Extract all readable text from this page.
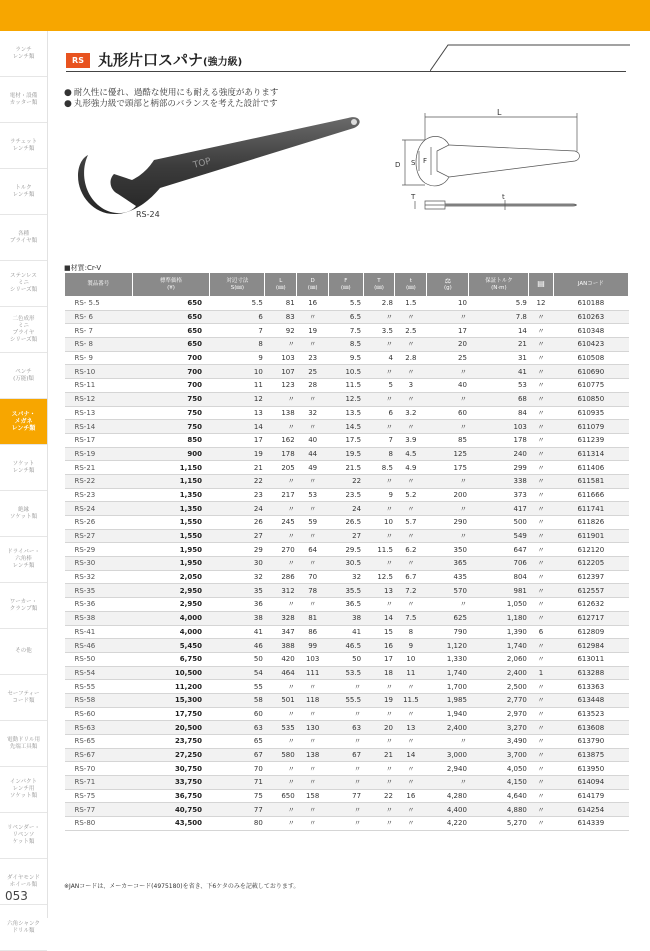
ランチ
レンチ類
電材・設備
カッター類
ラチェット
レンチ類
トルク
レンチ類
各種
プライヤ類
ステンレス
ミニ
シリーズ類
二色成形
ミニ
プライヤ
シリーズ類
ペンチ
(万能)類
スパナ・
メガネ
レンチ類
ソケット
レンチ類
絶縁
ソケット類
ドライバー・
六角棒
レンチ類
ワーカー・
クランプ類
その他
セーフティー
コード類
電動ドリル用
先端工具類
インパクト
レンチ用
ソケット類
リペンダー・
リペンソ
ケット類
ダイヤモンド
ホイール類
六角シャンク
ドリル類
053
RS 丸形片口スパナ(強力級)
● 耐久性に優れ、過酷な使用にも耐える強度があります
● 丸形強力級で頭部と柄部のバランスを考えた設計です
TOP
RS-24
L
S F
D
T	t
■材質:Cr-V
製品番号	標準価格
(¥)	対辺寸法
S(㎜)	L
(㎜)	D
(㎜)	F
(㎜)	T
(㎜)	t
(㎜)	⚖
(g)	保証トルク
(N·m)	▤	JANコード
RS- 5.5	650	5.5	81	16	5.5	2.8	1.5	10	5.9	12	610188
RS- 6	650	6	83	〃	6.5	〃	〃	〃	7.8	〃	610263
RS- 7	650	7	92	19	7.5	3.5	2.5	17	14	〃	610348
RS- 8	650	8	〃	〃	8.5	〃	〃	20	21	〃	610423
RS- 9	700	9	103	23	9.5	4	2.8	25	31	〃	610508
RS-10	700	10	107	25	10.5	〃	〃	〃	41	〃	610690
RS-11	700	11	123	28	11.5	5	3	40	53	〃	610775
RS-12	750	12	〃	〃	12.5	〃	〃	〃	68	〃	610850
RS-13	750	13	138	32	13.5	6	3.2	60	84	〃	610935
RS-14	750	14	〃	〃	14.5	〃	〃	〃	103	〃	611079
RS-17	850	17	162	40	17.5	7	3.9	85	178	〃	611239
RS-19	900	19	178	44	19.5	8	4.5	125	240	〃	611314
RS-21	1,150	21	205	49	21.5	8.5	4.9	175	299	〃	611406
RS-22	1,150	22	〃	〃	22	〃	〃	〃	338	〃	611581
RS-23	1,350	23	217	53	23.5	9	5.2	200	373	〃	611666
RS-24	1,350	24	〃	〃	24	〃	〃	〃	417	〃	611741
RS-26	1,550	26	245	59	26.5	10	5.7	290	500	〃	611826
RS-27	1,550	27	〃	〃	27	〃	〃	〃	549	〃	611901
RS-29	1,950	29	270	64	29.5	11.5	6.2	350	647	〃	612120
RS-30	1,950	30	〃	〃	30.5	〃	〃	365	706	〃	612205
RS-32	2,050	32	286	70	32	12.5	6.7	435	804	〃	612397
RS-35	2,950	35	312	78	35.5	13	7.2	570	981	〃	612557
RS-36	2,950	36	〃	〃	36.5	〃	〃	〃	1,050	〃	612632
RS-38	4,000	38	328	81	38	14	7.5	625	1,180	〃	612717
RS-41	4,000	41	347	86	41	15	8	790	1,390	6	612809
RS-46	5,450	46	388	99	46.5	16	9	1,120	1,740	〃	612984
RS-50	6,750	50	420	103	50	17	10	1,330	2,060	〃	613011
RS-54	10,500	54	464	111	53.5	18	11	1,740	2,400	1	613288
RS-55	11,200	55	〃	〃	〃	〃	〃	1,700	2,500	〃	613363
RS-58	15,300	58	501	118	55.5	19	11.5	1,985	2,770	〃	613448
RS-60	17,750	60	〃	〃	〃	〃	〃	1,940	2,970	〃	613523
RS-63	20,500	63	535	130	63	20	13	2,400	3,270	〃	613608
RS-65	23,750	65	〃	〃	〃	〃	〃	〃	3,490	〃	613790
RS-67	27,250	67	580	138	67	21	14	3,000	3,700	〃	613875
RS-70	30,750	70	〃	〃	〃	〃	〃	2,940	4,050	〃	613950
RS-71	33,750	71	〃	〃	〃	〃	〃	〃	4,150	〃	614094
RS-75	36,750	75	650	158	77	22	16	4,280	4,640	〃	614179
RS-77	40,750	77	〃	〃	〃	〃	〃	4,400	4,880	〃	614254
RS-80	43,500	80	〃	〃	〃	〃	〃	4,220	5,270	〃	614339
※JANコードは、メーカーコード(4975180)を省き、下6ケタのみを記載しております。
